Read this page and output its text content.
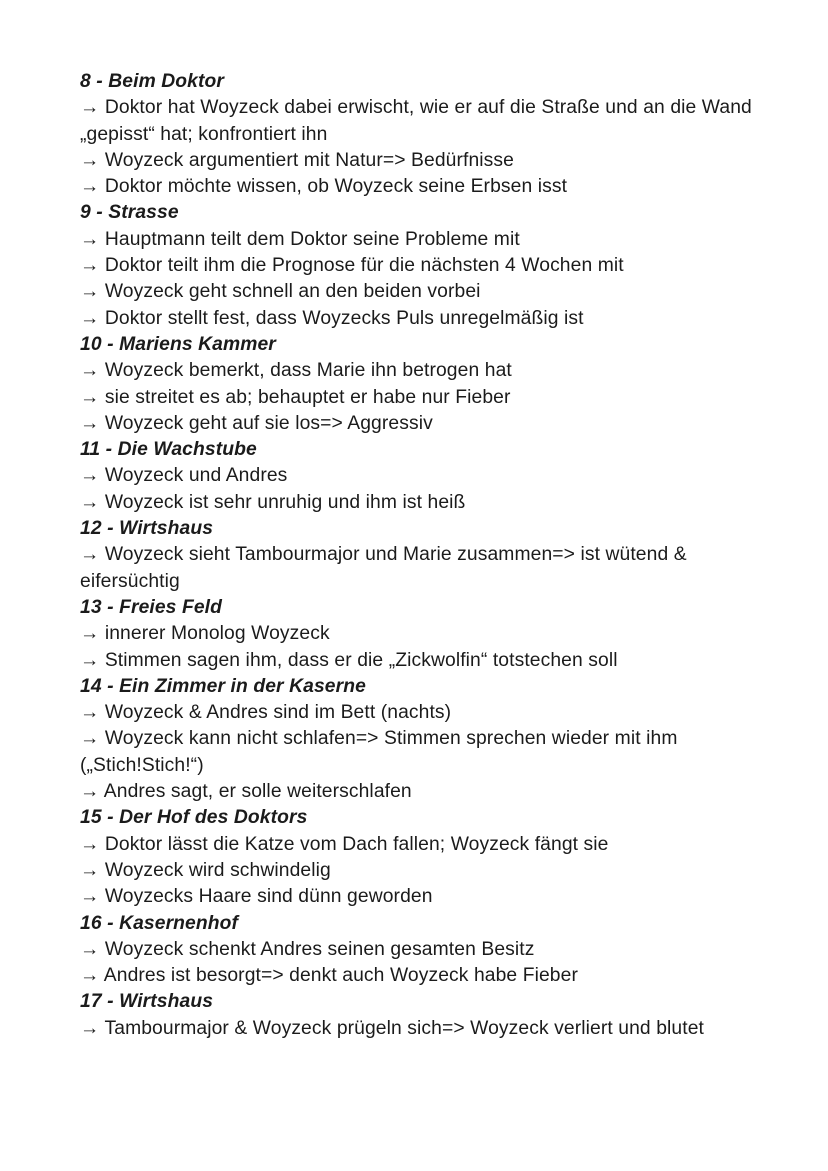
8 - Beim Doktor

→ Doktor hat Woyzeck dabei erwischt, wie er auf die Straße und an die Wand „gepisst“ hat; konfrontiert ihn

→ Woyzeck argumentiert mit Natur=> Bedürfnisse

→ Doktor möchte wissen, ob Woyzeck seine Erbsen isst

9 - Strasse

→ Hauptmann teilt dem Doktor seine Probleme mit

→ Doktor teilt ihm die Prognose für die nächsten 4 Wochen mit

→ Woyzeck geht schnell an den beiden vorbei

→ Doktor stellt fest, dass Woyzecks Puls unregelmäßig ist

10 - Mariens Kammer

→ Woyzeck bemerkt, dass Marie ihn betrogen hat

→ sie streitet es ab; behauptet er habe nur Fieber

→ Woyzeck geht auf sie los=> Aggressiv

11 - Die Wachstube

→ Woyzeck und Andres

→ Woyzeck ist sehr unruhig und ihm ist heiß

12 - Wirtshaus

→ Woyzeck sieht Tambourmajor und Marie zusammen=> ist wütend & eifersüchtig

13 - Freies Feld

→ innerer Monolog Woyzeck

→ Stimmen sagen ihm, dass er die „Zickwolfin“ totstechen soll

14 - Ein Zimmer in der Kaserne

→ Woyzeck & Andres sind im Bett (nachts)

→ Woyzeck kann nicht schlafen=> Stimmen sprechen wieder mit ihm („Stich!Stich!“)

→ Andres sagt, er solle weiterschlafen

15 - Der Hof des Doktors

→ Doktor lässt die Katze vom Dach fallen; Woyzeck fängt sie

→ Woyzeck wird schwindelig

→ Woyzecks Haare sind dünn geworden

16 - Kasernenhof

→ Woyzeck schenkt Andres seinen gesamten Besitz

→ Andres ist besorgt=> denkt auch Woyzeck habe Fieber

17 - Wirtshaus

→ Tambourmajor & Woyzeck prügeln sich=> Woyzeck verliert und blutet
